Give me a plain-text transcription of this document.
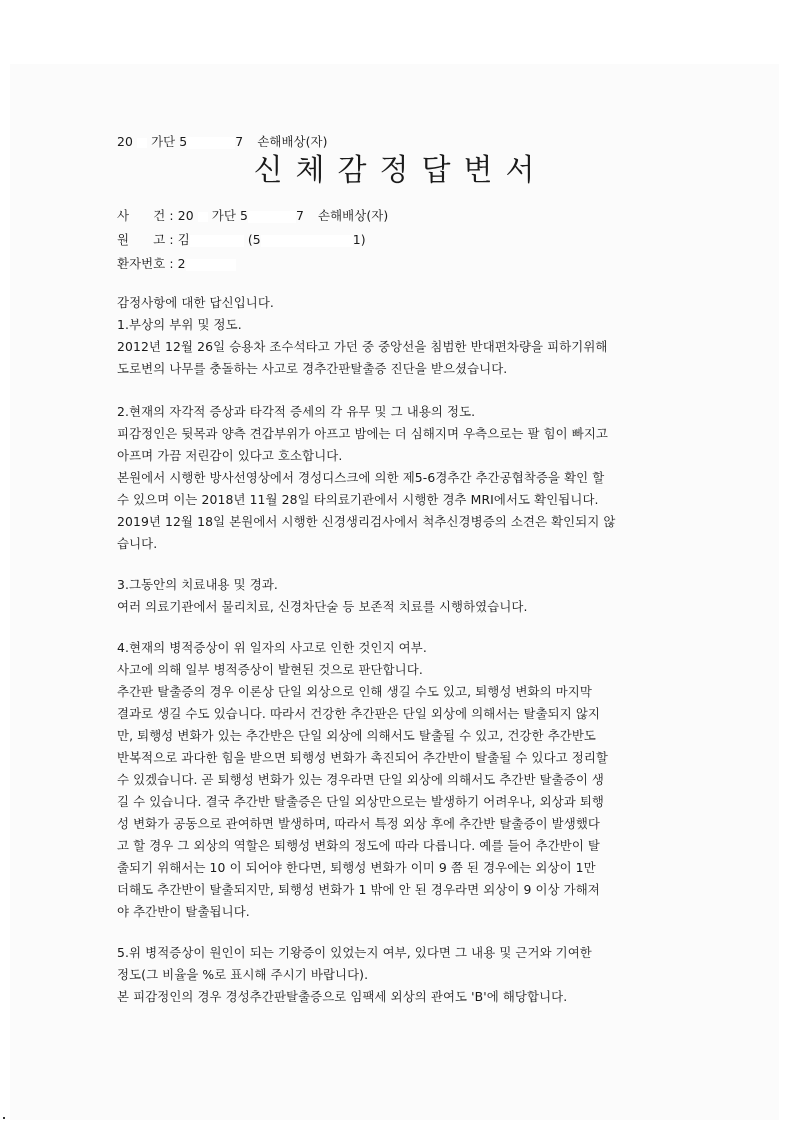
20 가단 5	7 손해배상(자)
신체감정답변서
사      건 : 20 가단 5	7 손해배상(자)
원      고 : 김	(5	1)
환자번호 : 2
감정사항에 대한 답신입니다.
1.부상의 부위 및 정도.
2012년 12월 26일 승용차 조수석타고 가던 중 중앙선을 침범한 반대편차량을 피하기위해
도로변의 나무를 충돌하는 사고로 경추간판탈출증 진단을 받으셨습니다.
2.현재의 자각적 증상과 타각적 증세의 각 유무 및 그 내용의 정도.
피감정인은 뒷목과 양측 견갑부위가 아프고 밤에는 더 심해지며 우측으로는 팔 힘이 빠지고
아프며 가끔 저린감이 있다고 호소합니다.
본원에서 시행한 방사선영상에서 경성디스크에 의한 제5-6경추간 추간공협착증을 확인 할
수 있으며 이는 2018년 11월 28일 타의료기관에서 시행한 경추 MRI에서도 확인됩니다.
2019년 12월 18일 본원에서 시행한 신경생리검사에서 척추신경병증의 소견은 확인되지 않
습니다.
3.그동안의 치료내용 및 경과.
여러 의료기관에서 물리치료, 신경차단술 등 보존적 치료를 시행하였습니다.
4.현재의 병적증상이 위 일자의 사고로 인한 것인지 여부.
사고에 의해 일부 병적증상이 발현된 것으로 판단합니다.
추간판 탈출증의 경우 이론상 단일 외상으로 인해 생길 수도 있고, 퇴행성 변화의 마지막
결과로 생길 수도 있습니다. 따라서 건강한 추간판은 단일 외상에 의해서는 탈출되지 않지
만, 퇴행성 변화가 있는 추간반은 단일 외상에 의해서도 탈출될 수 있고, 건강한 추간반도
반복적으로 과다한 힘을 받으면 퇴행성 변화가 촉진되어 추간반이 탈출될 수 있다고 정리할
수 있겠습니다. 곧 퇴행성 변화가 있는 경우라면 단일 외상에 의해서도 추간반 탈출증이 생
길 수 있습니다. 결국 추간반 탈출증은 단일 외상만으로는 발생하기 어려우나, 외상과 퇴행
성 변화가 공동으로 관여하면 발생하며, 따라서 특정 외상 후에 추간반 탈출증이 발생했다
고 할 경우 그 외상의 역할은 퇴행성 변화의 정도에 따라 다릅니다. 예를 들어 추간반이 탈
출되기 위해서는 10 이 되어야 한다면, 퇴행성 변화가 이미 9 쯤 된 경우에는 외상이 1만
더해도 추간반이 탈출되지만, 퇴행성 변화가 1 밖에 안 된 경우라면 외상이 9 이상 가해져
야 추간반이 탈출됩니다.
5.위 병적증상이 원인이 되는 기왕증이 있었는지 여부, 있다면 그 내용 및 근거와 기여한
정도(그 비율을 %로 표시해 주시기 바랍니다).
본 피감정인의 경우 경성추간판탈출증으로 임팩세 외상의 관여도 'B'에 해당합니다.
